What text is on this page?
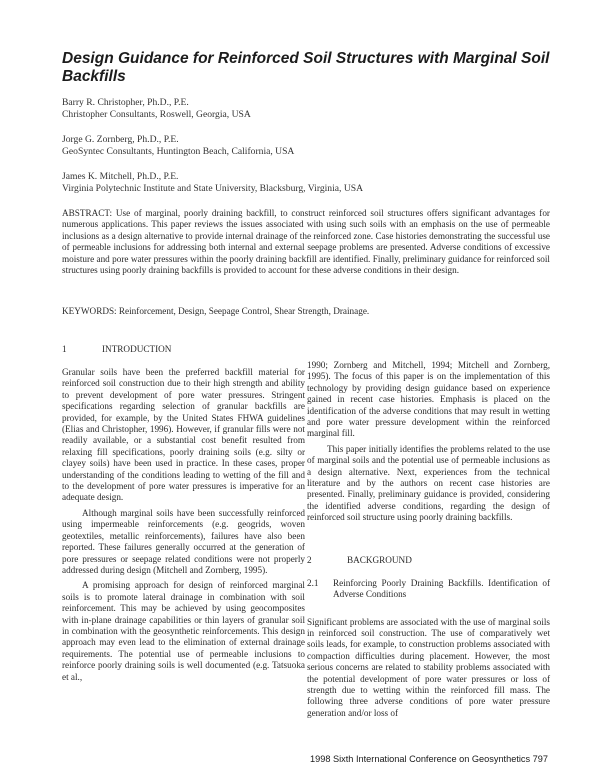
Design Guidance for Reinforced Soil Structures with Marginal Soil Backfills
Barry R. Christopher, Ph.D., P.E.
Christopher Consultants, Roswell, Georgia, USA
Jorge G. Zornberg, Ph.D., P.E.
GeoSyntec Consultants, Huntington Beach, California, USA
James K. Mitchell, Ph.D., P.E.
Virginia Polytechnic Institute and State University, Blacksburg, Virginia, USA
ABSTRACT: Use of marginal, poorly draining backfill, to construct reinforced soil structures offers significant advantages for numerous applications. This paper reviews the issues associated with using such soils with an emphasis on the use of permeable inclusions as a design alternative to provide internal drainage of the reinforced zone. Case histories demonstrating the successful use of permeable inclusions for addressing both internal and external seepage problems are presented. Adverse conditions of excessive moisture and pore water pressures within the poorly draining backfill are identified. Finally, preliminary guidance for reinforced soil structures using poorly draining backfills is provided to account for these adverse conditions in their design.
KEYWORDS: Reinforcement, Design, Seepage Control, Shear Strength, Drainage.
1	INTRODUCTION

Granular soils have been the preferred backfill material for reinforced soil construction due to their high strength and ability to prevent development of pore water pressures. Stringent specifications regarding selection of granular backfills are provided, for example, by the United States FHWA guidelines (Elias and Christopher, 1996). However, if granular fills were not readily available, or a substantial cost benefit resulted from relaxing fill specifications, poorly draining soils (e.g. silty or clayey soils) have been used in practice. In these cases, proper understanding of the conditions leading to wetting of the fill and to the development of pore water pressures is imperative for an adequate design.

Although marginal soils have been successfully reinforced using impermeable reinforcements (e.g. geogrids, woven geotextiles, metallic reinforcements), failures have also been reported. These failures generally occurred at the generation of pore pressures or seepage related conditions were not properly addressed during design (Mitchell and Zornberg, 1995).

A promising approach for design of reinforced marginal soils is to promote lateral drainage in combination with soil reinforcement. This may be achieved by using geocomposites with in-plane drainage capabilities or thin layers of granular soil in combination with the geosynthetic reinforcements. This design approach may even lead to the elimination of external drainage requirements. The potential use of permeable inclusions to reinforce poorly draining soils is well documented (e.g. Tatsuoka et al.,

1990; Zornberg and Mitchell, 1994; Mitchell and Zornberg, 1995). The focus of this paper is on the implementation of this technology by providing design guidance based on experience gained in recent case histories. Emphasis is placed on the identification of the adverse conditions that may result in wetting and pore water pressure development within the reinforced marginal fill.

This paper initially identifies the problems related to the use of marginal soils and the potential use of permeable inclusions as a design alternative. Next, experiences from the technical literature and by the authors on recent case histories are presented. Finally, preliminary guidance is provided, considering the identified adverse conditions, regarding the design of reinforced soil structure using poorly draining backfills.

2	BACKGROUND
2.1	Reinforcing Poorly Draining Backfills. Identification of Adverse Conditions

Significant problems are associated with the use of marginal soils in reinforced soil construction. The use of comparatively wet soils leads, for example, to construction problems associated with compaction difficulties during placement. However, the most serious concerns are related to stability problems associated with the potential development of pore water pressures or loss of strength due to wetting within the reinforced fill mass. The following three adverse conditions of pore water pressure generation and/or loss of

1998 Sixth International Conference on Geosynthetics 797
